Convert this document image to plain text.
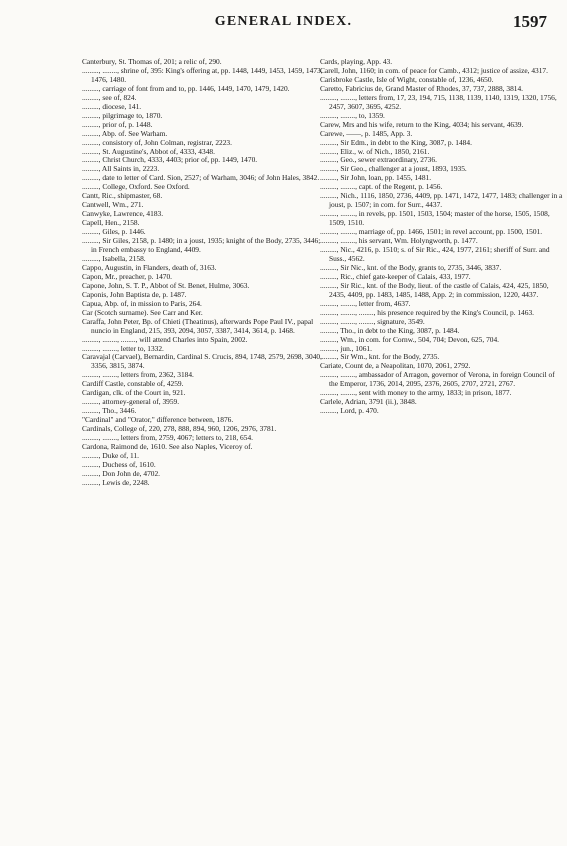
GENERAL INDEX.	1597

Canterbury, St. Thomas of, 201; a relic of, 290.

........., ........, shrine of, 395: King's offering at, pp. 1448, 1449, 1453, 1459, 1473, 1476, 1480.

........., carriage of font from and to, pp. 1446, 1449, 1470, 1479, 1420.

........., see of, 824.

........., diocese, 141.

........., pilgrimage to, 1870.

........., prior of, p. 1448.

........., Abp. of. See Warham.

........., consistory of, John Colman, registrar, 2223.

........., St. Augustine's, Abbot of, 4333, 4348.

........., Christ Church, 4333, 4403; prior of, pp. 1449, 1470.

........., All Saints in, 2223.

........., date to letter of Card. Sion, 2527; of Warham, 3046; of John Hales, 3842.

........., College, Oxford. See Oxford.

Cantt, Ric., shipmaster, 68.

Cantwell, Wm., 271.

Canwyke, Lawrence, 4183.

Capell, Hen., 2158.

........., Giles, p. 1446.

........., Sir Giles, 2158, p. 1480; in a joust, 1935; knight of the Body, 2735, 3446; in French embassy to England, 4409.

........., Isabella, 2158.

Cappo, Augustin, in Flanders, death of, 3163.

Capon, Mr., preacher, p. 1470.

Capone, John, S. T. P., Abbot of St. Benet, Hulme, 3063.

Caponis, John Baptista de, p. 1487.

Capua, Abp. of, in mission to Paris, 264.

Car (Scotch surname). See Carr and Ker.

Caraffa, John Peter, Bp. of Chieti (Theatinus), afterwards Pope Paul IV., papal nuncio in England, 215, 393, 2094, 3057, 3387, 3414, 3614, p. 1468.

........., ........, ........, will attend Charles into Spain, 2002.

........., ........, letter to, 1332.

Caravajal (Carvael), Bernardin, Cardinal S. Crucis, 894, 1748, 2579, 2698, 3040, 3356, 3815, 3874.

........., ........, letters from, 2362, 3184.

Cardiff Castle, constable of, 4259.

Cardigan, clk. of the Court in, 921.

........., attorney-general of, 3959.

........., Tho., 3446.

"Cardinal" and "Orator," difference between, 1876.

Cardinals, College of, 220, 278, 888, 894, 960, 1206, 2976, 3781.

........., ........, letters from, 2759, 4067; letters to, 218, 654.

Cardona, Raimond de, 1610. See also Naples, Viceroy of.

........., Duke of, 11.

........., Duchess of, 1610.

........., Don John de, 4702.

........., Lewis de, 2248.

Cards, playing, App. 43.

Carell, John, 1160; in com. of peace for Camb., 4312; justice of assize, 4317.

Carisbroke Castle, Isle of Wight, constable of, 1236, 4650.

Caretto, Fabricius de, Grand Master of Rhodes, 37, 737, 2888, 3814.

........., ........, letters from, 17, 23, 194, 715, 1138, 1139, 1140, 1319, 1320, 1756, 2457, 3607, 3695, 4252.

........., ........, to, 1359.

Carew, Mrs and his wife, return to the King, 4034; his servant, 4639.

Carewe, ——, p. 1485, App. 3.

........., Sir Edm., in debt to the King, 3087, p. 1484.

........., Eliz., w. of Nich., 1850, 2161.

........., Geo., sewer extraordinary, 2736.

........., Sir Geo., challenger at a joust, 1893, 1935.

........., Sir John, loan, pp. 1455, 1481.

........., ........, capt. of the Regent, p. 1456.

........., Nich., 1116, 1850, 2736, 4409, pp. 1471, 1472, 1477, 1483; challenger in a joust, p. 1507; in com. for Surr., 4437.

........., ........, in revels, pp. 1501, 1503, 1504; master of the horse, 1505, 1508, 1509, 1510.

........., ........, marriage of, pp. 1466, 1501; in revel account, pp. 1500, 1501.

........., ........, his servant, Wm. Holyngworth, p. 1477.

........., Nic., 4216, p. 1510; s. of Sir Ric., 424, 1977, 2161; sheriff of Surr. and Suss., 4562.

........., Sir Nic., knt. of the Body, grants to, 2735, 3446, 3837.

........., Ric., chief gate-keeper of Calais, 433, 1977.

........., Sir Ric., knt. of the Body, lieut. of the castle of Calais, 424, 425, 1850, 2435, 4409, pp. 1483, 1485, 1488, App. 2; in commission, 1220, 4437.

........., ........, letter from, 4637.

........., ........, ........, his presence required by the King's Council, p. 1463.

........., ........, ........, signature, 3549.

........., Tho., in debt to the King, 3087, p. 1484.

........., Wm., in com. for Cornw., 504, 704; Devon, 625, 704.

........., jun., 1061.

........., Sir Wm., knt. for the Body, 2735.

Cariate, Count de, a Neapolitan, 1070, 2061, 2792.

........., ........, ambassador of Arragon, governor of Verona, in foreign Council of the Emperor, 1736, 2014, 2095, 2376, 2605, 2707, 2721, 2767.

........., ........, sent with money to the army, 1833; in prison, 1877.

Carlele, Adrian, 3791 (ii.), 3848.

........., Lord, p. 470.
